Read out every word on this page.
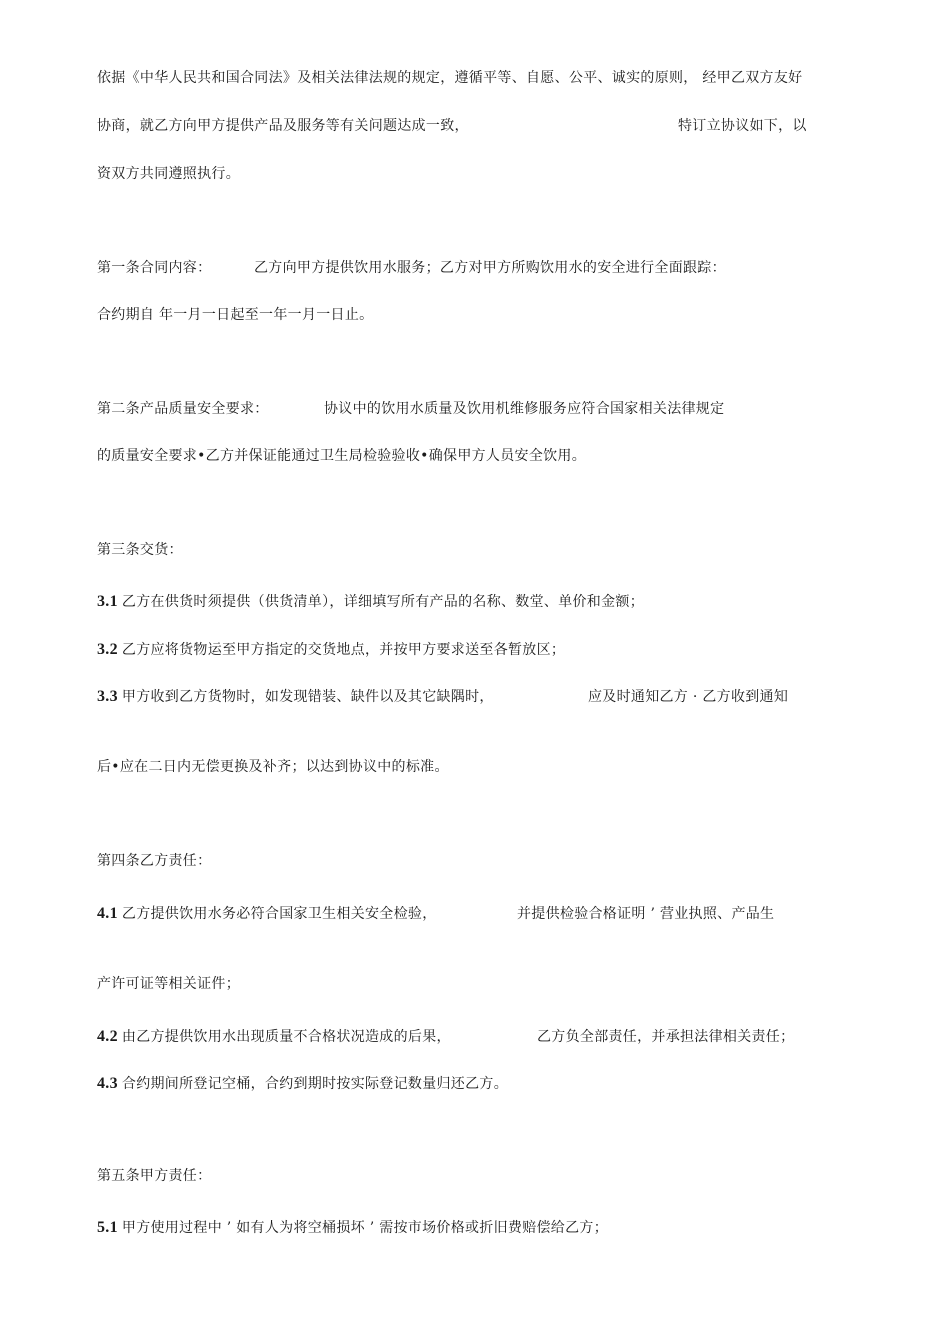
依据《中华人民共和国合同法》及相关法律法规的规定，遵循平等、自愿、公平、诚实的原则， 经甲乙双方友好
协商，就乙方向甲方提供产品及服务等有关问题达成一致，	特订立协议如下，以
资双方共同遵照执行。
第一条合同内容：	乙方向甲方提供饮用水服务；乙方对甲方所购饮用水的安全进行全面跟踪：
合约期自 年一月一日起至一年一月一日止。
第二条产品质量安全要求：	协议中的饮用水质量及饮用机维修服务应符合国家相关法律规定
的质量安全要求•乙方并保证能通过卫生局检验验收•确保甲方人员安全饮用。
第三条交货：
3.1 乙方在供货时须提供（供货清单），详细填写所有产品的名称、数堂、单价和金额；
3.2 乙方应将货物运至甲方指定的交货地点，并按甲方要求送至各暂放区；
3.3 甲方收到乙方货物时，如发现错装、缺件以及其它缺隅时，	应及时通知乙方 · 乙方收到通知
后•应在二日内无偿更换及补齐；以达到协议中的标准。
第四条乙方责任：
4.1 乙方提供饮用水务必符合国家卫生相关安全检验，	并提供检验合格证明 ’ 营业执照、产品生
产许可证等相关证件；
4.2 由乙方提供饮用水出现质量不合格状况造成的后果，	乙方负全部责任，并承担法律相关责任；
4.3 合约期间所登记空桶，合约到期时按实际登记数量归还乙方。
第五条甲方责任：
5.1 甲方使用过程中 ’ 如有人为将空桶损坏 ’ 需按市场价格或折旧费赔偿给乙方；
